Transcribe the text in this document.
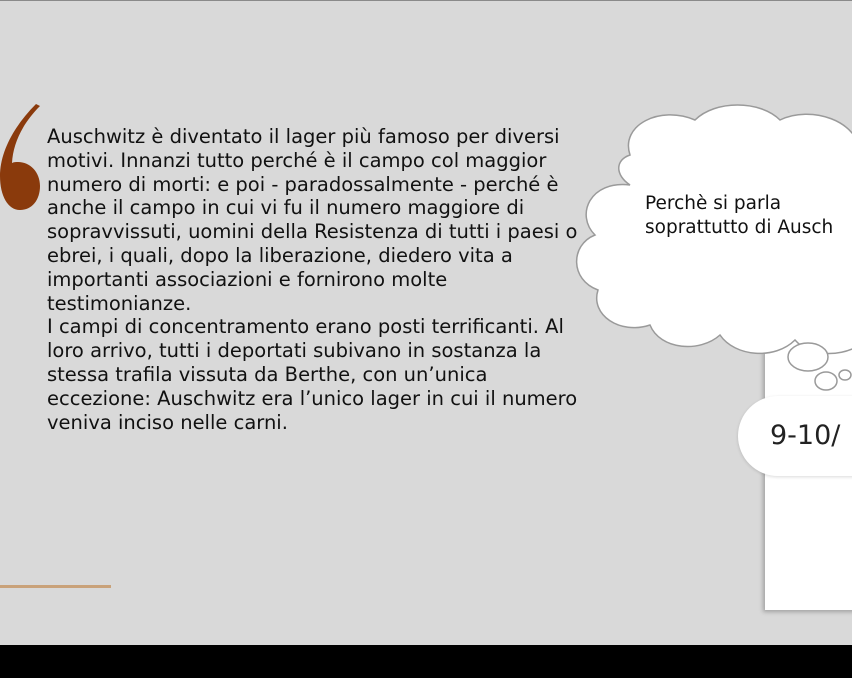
Auschwitz è diventato il lager più famoso per diversi motivi. Innanzi tutto perché è il campo col maggior numero di morti: e poi - paradossalmente - perché è anche il campo in cui vi fu il numero maggiore di sopravvissuti, uomini della Resistenza di tutti i paesi o ebrei, i quali, dopo la liberazione, diedero vita a importanti associazioni e fornirono molte testimonianze.

I campi di concentramento erano posti terrificanti. Al loro arrivo, tutti i deportati subivano in sostanza la stessa trafila vissuta da Berthe, con un’unica eccezione: Auschwitz era l’unico lager in cui il numero veniva inciso nelle carni.

Perchè si parla
soprattutto di Ausch
9-10/
